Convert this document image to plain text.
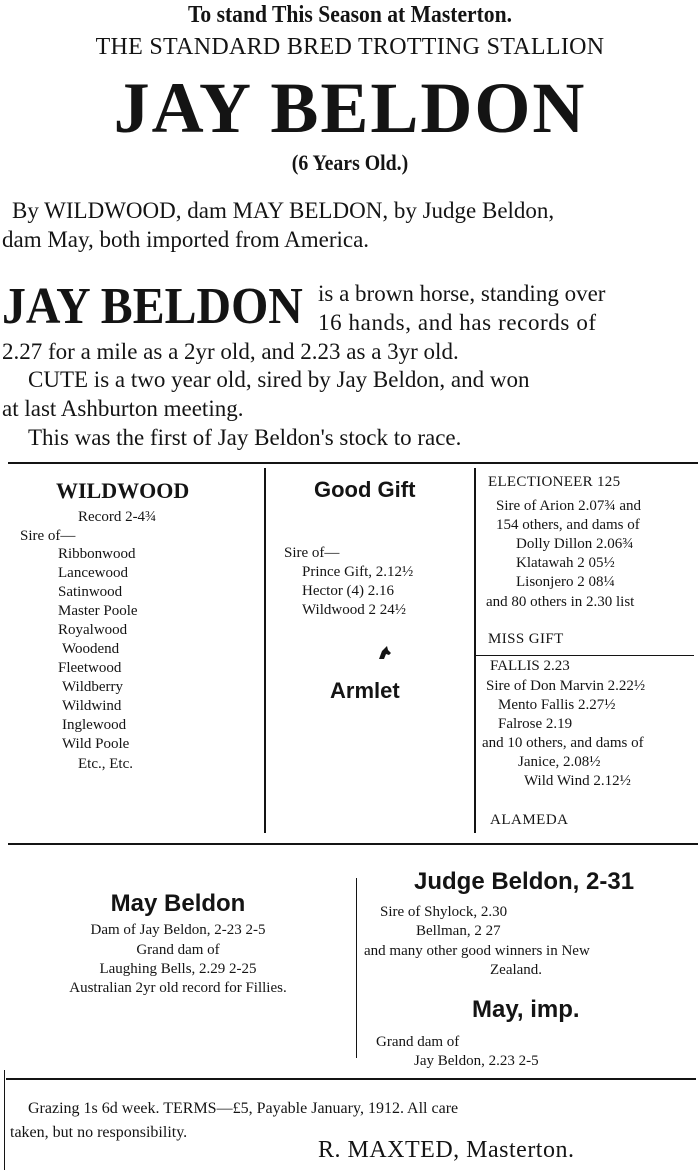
To stand This Season at Masterton.
THE STANDARD BRED TROTTING STALLION
JAY BELDON
(6 Years Old.)
By WILDWOOD, dam MAY BELDON, by Judge Beldon,
dam May, both imported from America.
JAY BELDON is a brown horse, standing over
16 hands, and has records of
2.27 for a mile as a 2yr old, and 2.23 as a 3yr old.
CUTE is a two year old, sired by Jay Beldon, and won
at last Ashburton meeting.
This was the first of Jay Beldon's stock to race.
WILDWOOD
Record 2-4¾
Sire of—
Ribbonwood
Lancewood
Satinwood
Master Poole
Royalwood
Woodend
Fleetwood
Wildberry
Wildwind
Inglewood
Wild Poole
Etc., Etc.
Good Gift
Sire of—
Prince Gift, 2.12½
Hector (4) 2.16
Wildwood 2 24½
Armlet
ELECTIONEER 125
Sire of Arion 2.07¾ and
154 others, and dams of
Dolly Dillon 2.06¾
Klatawah 2 05½
Lisonjero 2 08¼
and 80 others in 2.30 list
MISS GIFT
FALLIS 2.23
Sire of Don Marvin 2.22½
Mento Fallis 2.27½
Falrose 2.19
and 10 others, and dams of
Janice, 2.08½
Wild Wind 2.12½
ALAMEDA
May Beldon
Dam of Jay Beldon, 2-23 2-5
Grand dam of
Laughing Bells, 2.29 2-25
Australian 2yr old record for Fillies.
Judge Beldon, 2-31
Sire of Shylock, 2.30
Bellman, 2 27
and many other good winners in New
Zealand.
May, imp.
Grand dam of
Jay Beldon, 2.23 2-5
Grazing 1s 6d week. TERMS—£5, Payable January, 1912. All care
taken, but no responsibility.
R. MAXTED, Masterton.
